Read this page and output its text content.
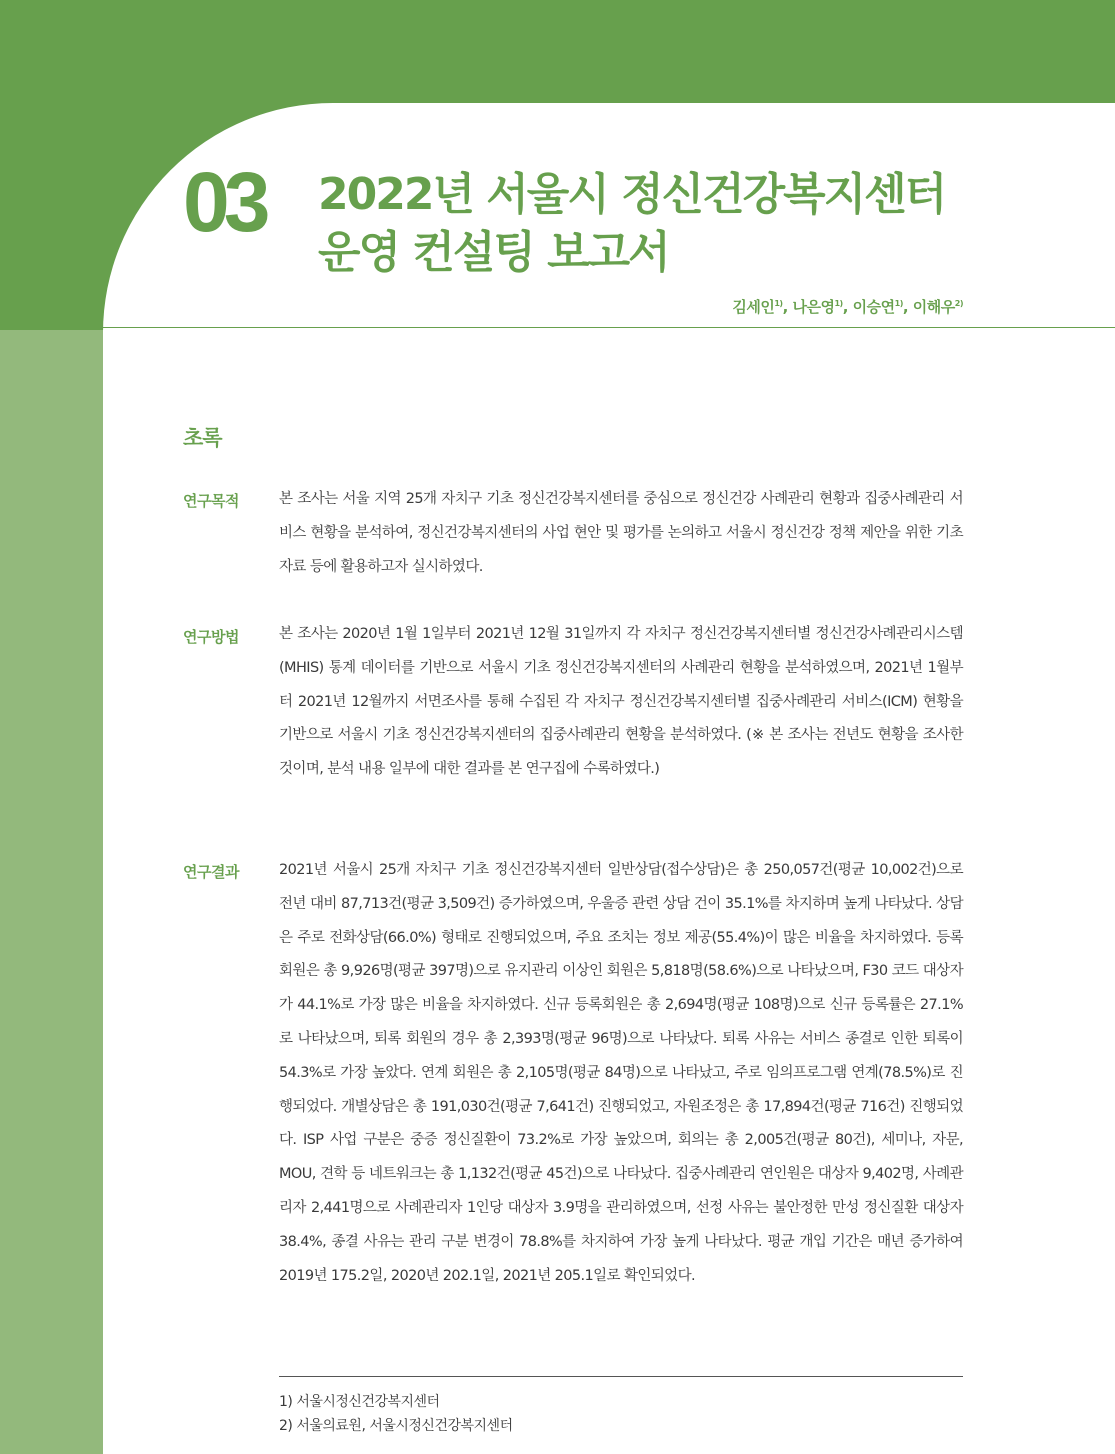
03 2022년 서울시 정신건강복지센터
운영 컨설팅 보고서
김세인$^{1)}$, 나은영$^{1)}$, 이승연$^{1)}$, 이해우$^{2)}$
초록
연구목적	본 조사는 서울 지역 25개 자치구 기초 정신건강복지센터를 중심으로 정신건강 사례관리 현황과 집중사례관리 서비스 현황을 분석하여, 정신건강복지센터의 사업 현안 및 평가를 논의하고 서울시 정신건강 정책 제안을 위한 기초자료 등에 활용하고자 실시하였다.

연구방법	본 조사는 2020년 1월 1일부터 2021년 12월 31일까지 각 자치구 정신건강복지센터별 정신건강사례관리시스템(MHIS) 통계 데이터를 기반으로 서울시 기초 정신건강복지센터의 사례관리 현황을 분석하였으며, 2021년 1월부터 2021년 12월까지 서면조사를 통해 수집된 각 자치구 정신건강복지센터별 집중사례관리 서비스(ICM) 현황을 기반으로 서울시 기초 정신건강복지센터의 집중사례관리 현황을 분석하였다. (※ 본 조사는 전년도 현황을 조사한 것이며, 분석 내용 일부에 대한 결과를 본 연구집에 수록하였다.)

연구결과	2021년 서울시 25개 자치구 기초 정신건강복지센터 일반상담(접수상담)은 총 250,057건(평균 10,002건)으로 전년 대비 87,713건(평균 3,509건) 증가하였으며, 우울증 관련 상담 건이 35.1%를 차지하며 높게 나타났다. 상담은 주로 전화상담(66.0%) 형태로 진행되었으며, 주요 조치는 정보 제공(55.4%)이 많은 비율을 차지하였다. 등록회원은 총 9,926명(평균 397명)으로 유지관리 이상인 회원은 5,818명(58.6%)으로 나타났으며, F30 코드 대상자가 44.1%로 가장 많은 비율을 차지하였다. 신규 등록회원은 총 2,694명(평균 108명)으로 신규 등록률은 27.1%로 나타났으며, 퇴록 회원의 경우 총 2,393명(평균 96명)으로 나타났다. 퇴록 사유는 서비스 종결로 인한 퇴록이 54.3%로 가장 높았다. 연계 회원은 총 2,105명(평균 84명)으로 나타났고, 주로 임의프로그램 연계(78.5%)로 진행되었다. 개별상담은 총 191,030건(평균 7,641건) 진행되었고, 자원조정은 총 17,894건(평균 716건) 진행되었다. ISP 사업 구분은 중증 정신질환이 73.2%로 가장 높았으며, 회의는 총 2,005건(평균 80건), 세미나, 자문, MOU, 견학 등 네트워크는 총 1,132건(평균 45건)으로 나타났다. 집중사례관리 연인원은 대상자 9,402명, 사례관리자 2,441명으로 사례관리자 1인당 대상자 3.9명을 관리하였으며, 선정 사유는 불안정한 만성 정신질환 대상자 38.4%, 종결 사유는 관리 구분 변경이 78.8%를 차지하여 가장 높게 나타났다. 평균 개입 기간은 매년 증가하여 2019년 175.2일, 2020년 202.1일, 2021년 205.1일로 확인되었다.

1) 서울시정신건강복지센터
2) 서울의료원, 서울시정신건강복지센터
